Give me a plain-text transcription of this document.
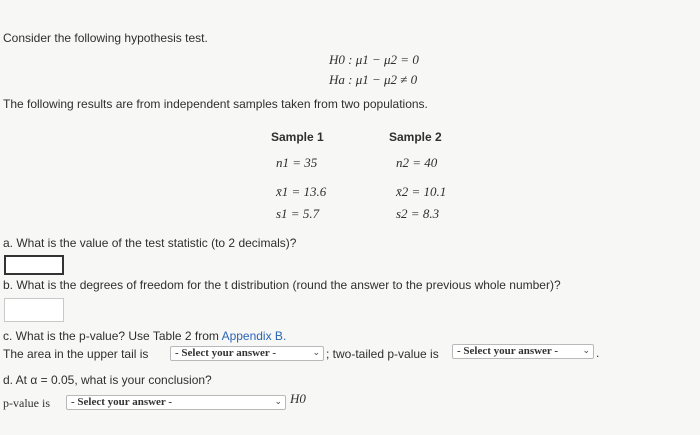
Consider the following hypothesis test.
H0 : μ1 − μ2 = 0
Ha : μ1 − μ2 ≠ 0
The following results are from independent samples taken from two populations.
Sample 1	Sample 2
n1 = 35	n2 = 40
x̄1 = 13.6	x̄2 = 10.1
s1 = 5.7	s2 = 8.3
a. What is the value of the test statistic (to 2 decimals)?
b. What is the degrees of freedom for the t distribution (round the answer to the previous whole number)?
c. What is the p-value? Use Table 2 from Appendix B.
The area in the upper tail is	- Select your answer -	⌄ ; two-tailed p-value is	- Select your answer -	⌄ .
d. At α = 0.05, what is your conclusion?
p-value is	- Select your answer -	⌄ H0
